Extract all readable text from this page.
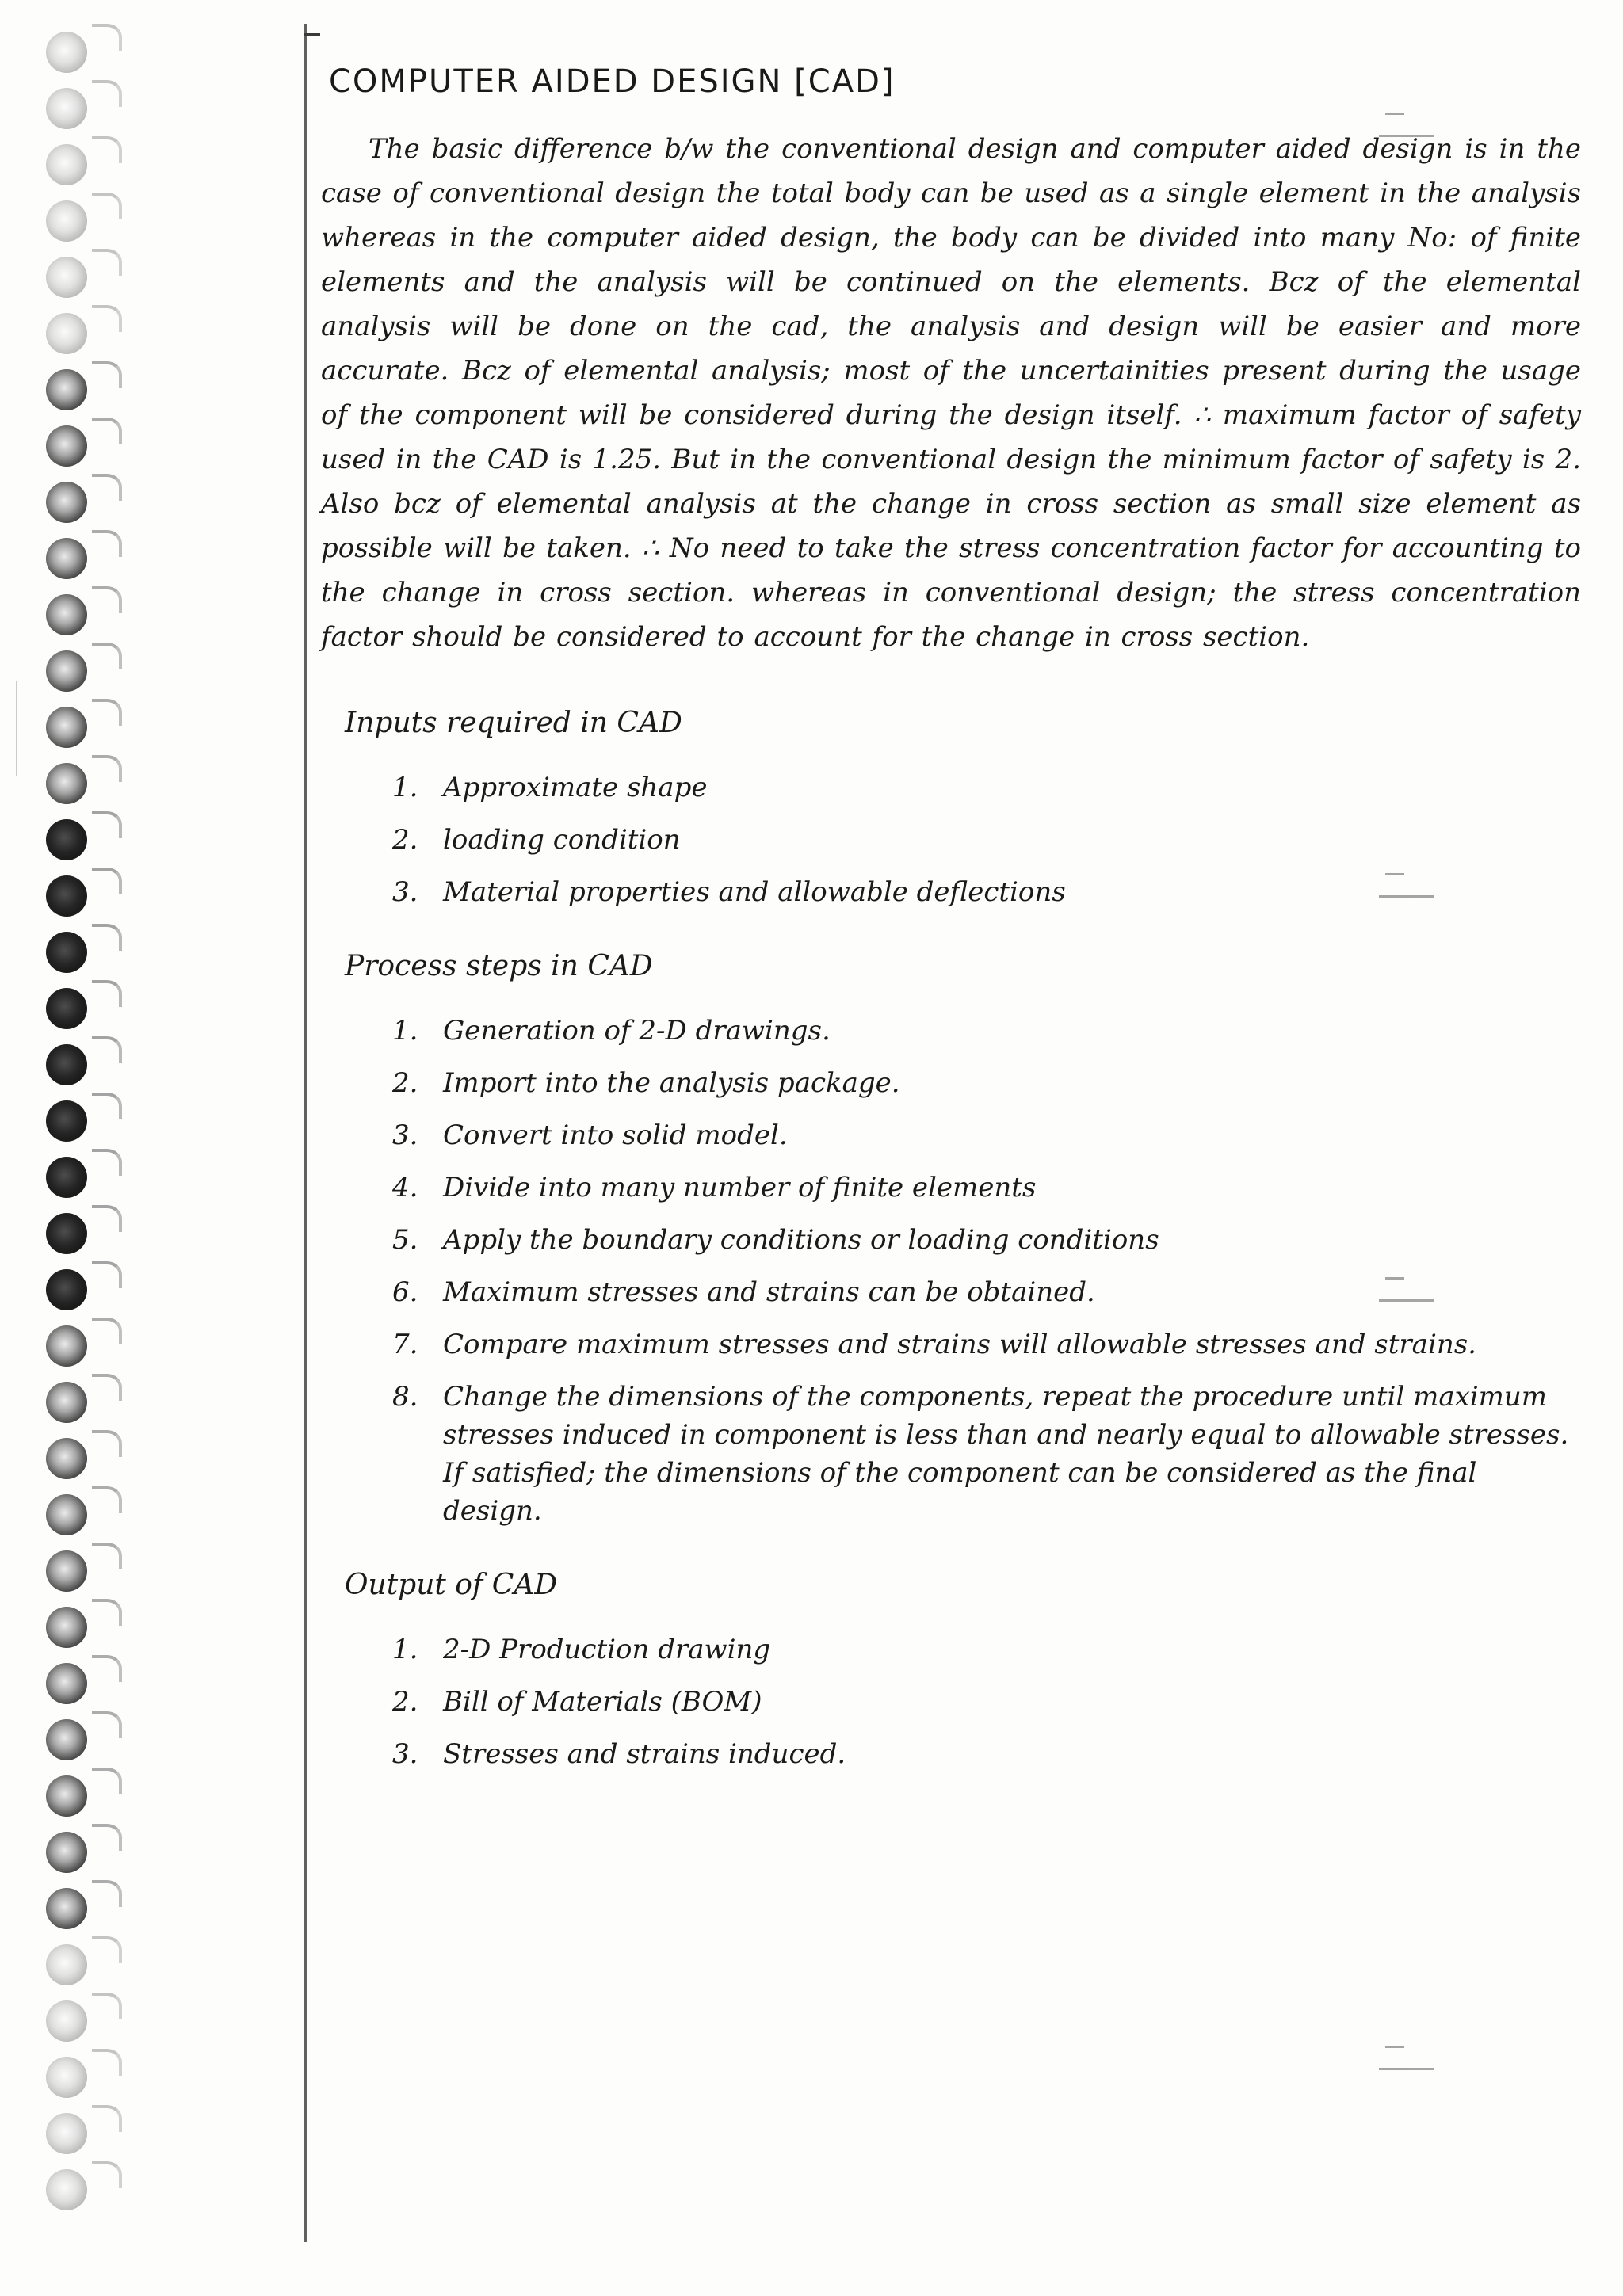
COMPUTER AIDED DESIGN [CAD]

The basic difference b/w the conventional design and computer aided design is in the case of conventional design the total body can be used as a single element in the analysis whereas in the computer aided design, the body can be divided into many No: of finite elements and the analysis will be continued on the elements. Bcz of the elemental analysis will be done on the cad, the analysis and design will be easier and more accurate. Bcz of elemental analysis; most of the uncertainities present during the usage of the component will be considered during the design itself. ∴ maximum factor of safety used in the CAD is 1.25. But in the conventional design the minimum factor of safety is 2. Also bcz of elemental analysis at the change in cross section as small size element as possible will be taken. ∴ No need to take the stress concentration factor for accounting to the change in cross section. whereas in conventional design; the stress concentration factor should be considered to account for the change in cross section.

Inputs required in CAD
1. Approximate shape
2. loading condition
3. Material properties and allowable deflections
Process steps in CAD
1. Generation of 2-D drawings.
2. Import into the analysis package.
3. Convert into solid model.
4. Divide into many number of finite elements
5. Apply the boundary conditions or loading conditions
6. Maximum stresses and strains can be obtained.
7. Compare maximum stresses and strains will allowable stresses and strains.
8. Change the dimensions of the components, repeat the procedure until maximum stresses induced in component is less than and nearly equal to allowable stresses. If satisfied; the dimensions of the component can be considered as the final design.
Output of CAD
1. 2-D Production drawing
2. Bill of Materials (BOM)
3. Stresses and strains induced.
